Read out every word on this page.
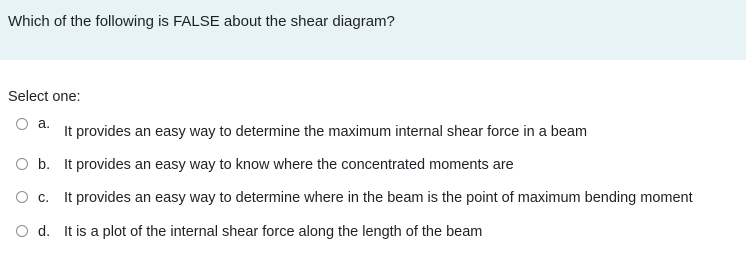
Which of the following is FALSE about the shear diagram?
Select one:
a. It provides an easy way to determine the maximum internal shear force in a beam
b. It provides an easy way to know where the concentrated moments are
c. It provides an easy way to determine where in the beam is the point of maximum bending moment
d. It is a plot of the internal shear force along the length of the beam
